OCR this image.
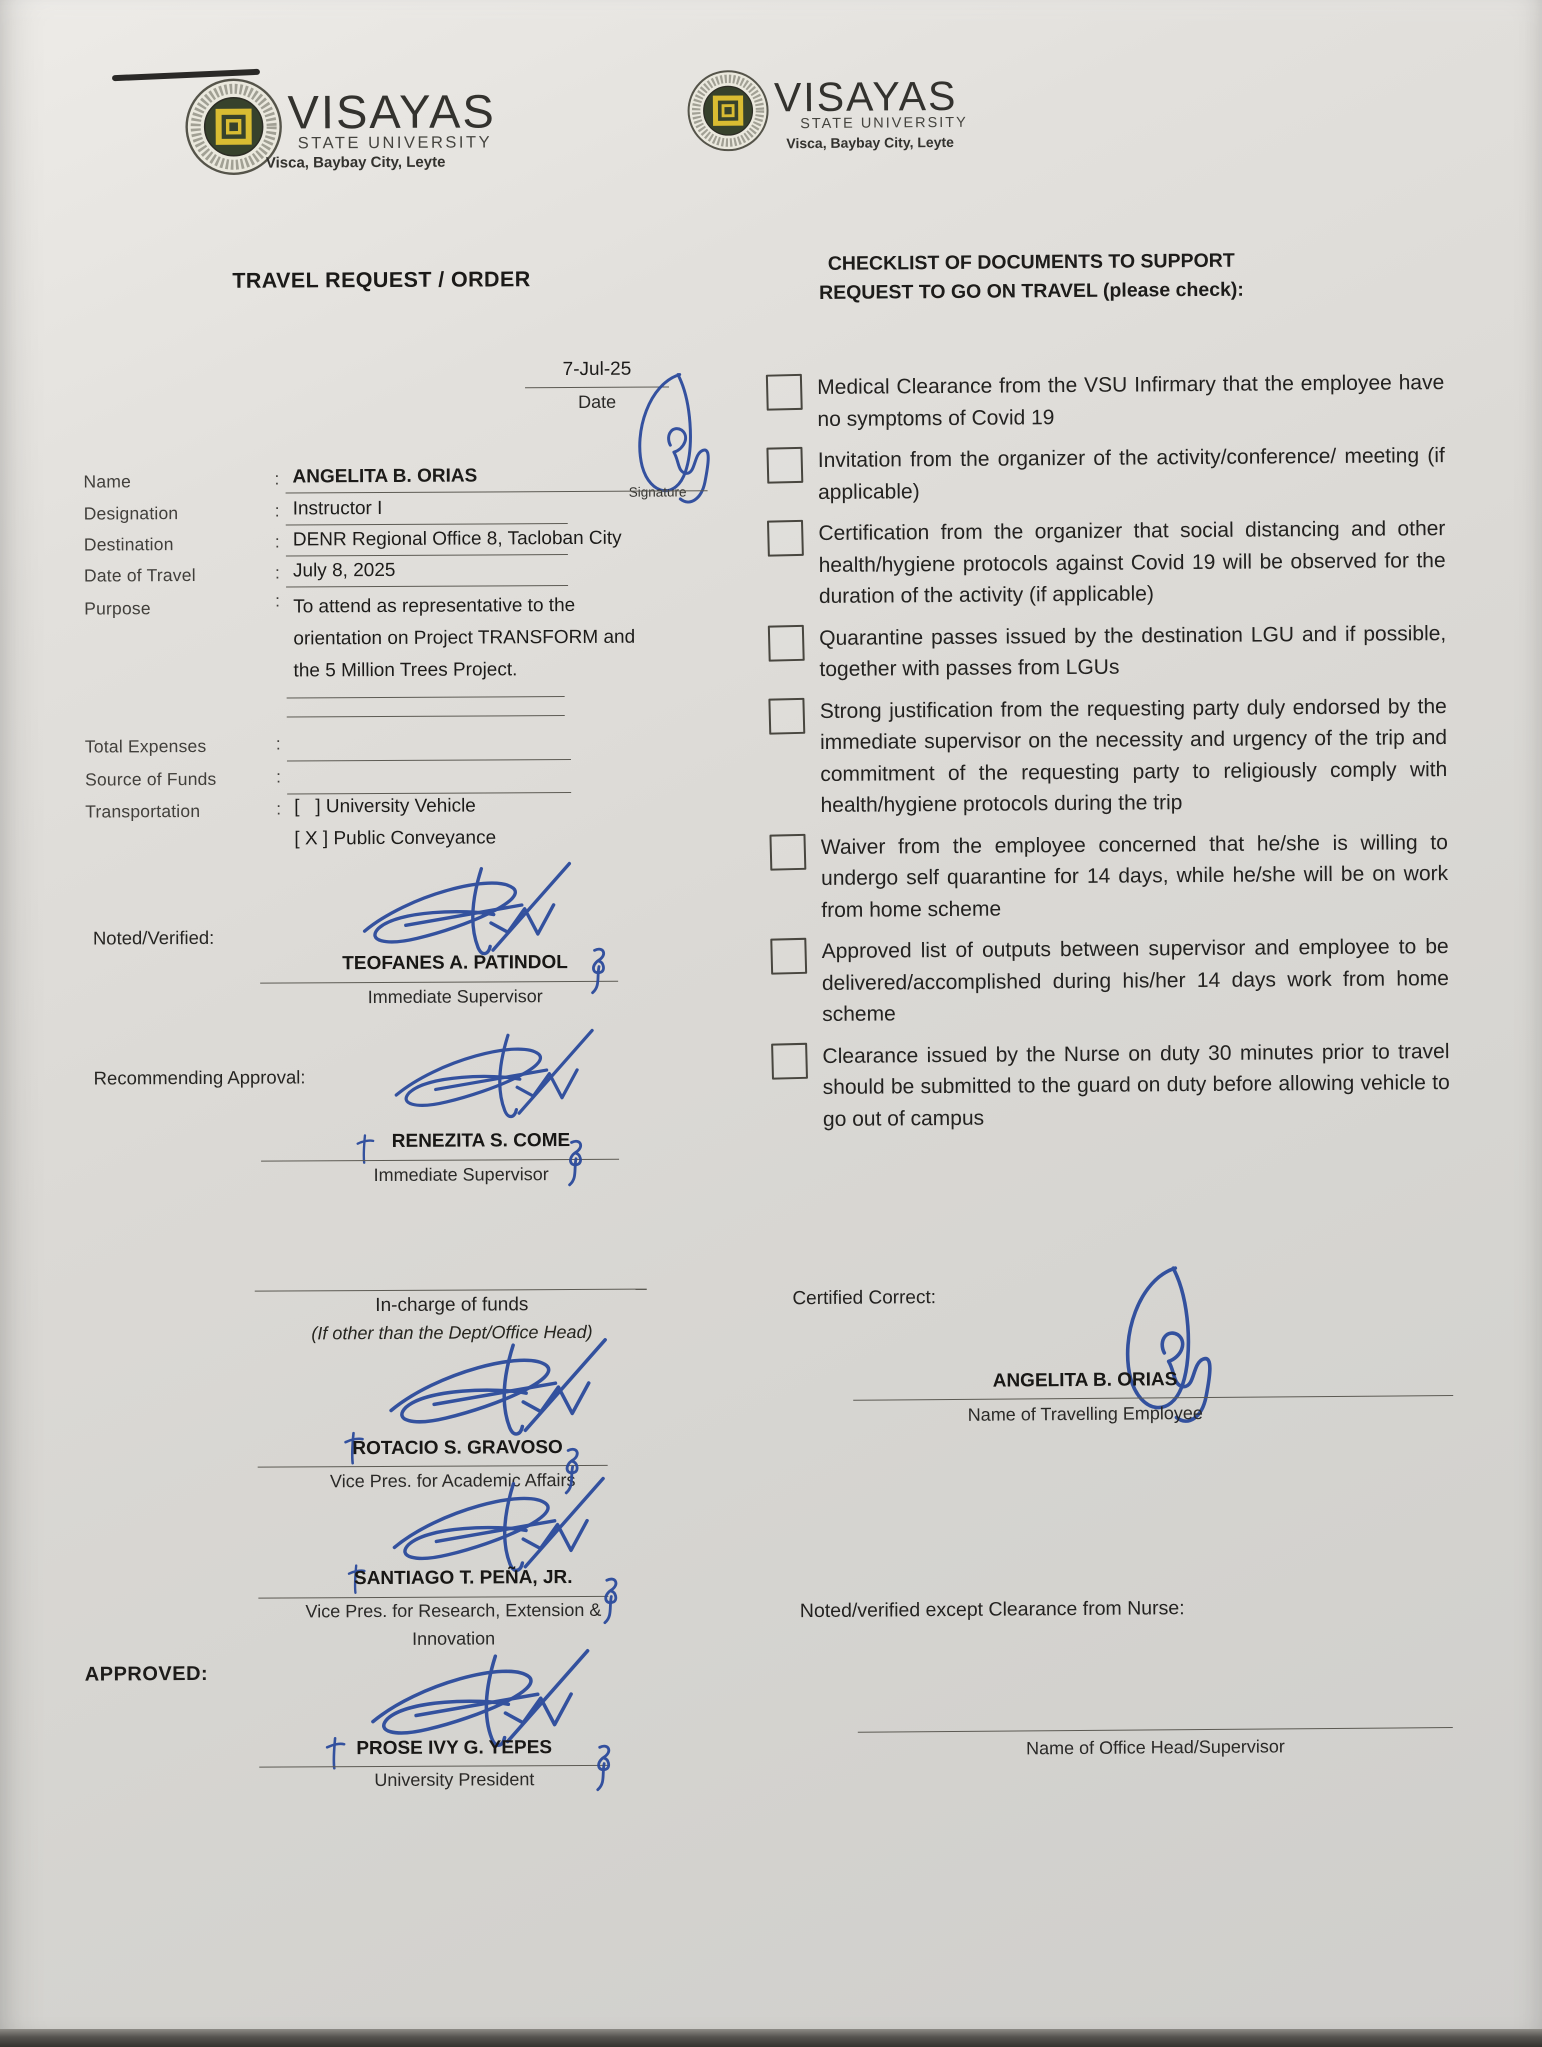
VISAYAS
STATE UNIVERSITY
Visca, Baybay City, Leyte
TRAVEL REQUEST / ORDER
7-Jul-25
Date
Signature
Name	: ANGELITA B. ORIAS
Designation	: Instructor I
Destination	: DENR Regional Office 8, Tacloban City
Date of Travel	: July 8, 2025
Purpose	: To attend as representative to the
orientation on Project TRANSFORM and
the 5 Million Trees Project.
Total Expenses	:
Source of Funds	:
Transportation	: [   ] University Vehicle
[ X ] Public Conveyance
Noted/Verified:
TEOFANES A. PATINDOL
Immediate Supervisor
Recommending Approval:
RENEZITA S. COME
Immediate Supervisor
In-charge of funds
(If other than the Dept/Office Head)
ROTACIO S. GRAVOSO
Vice Pres. for Academic Affairs
SANTIAGO T. PEÑA, JR.
Vice Pres. for Research, Extension &
Innovation
APPROVED:
PROSE IVY G. YEPES
University President
VISAYAS
STATE UNIVERSITY
Visca, Baybay City, Leyte
CHECKLIST OF DOCUMENTS TO SUPPORT
REQUEST TO GO ON TRAVEL (please check):
Medical Clearance from the VSU Infirmary that the employee have no symptoms of Covid 19
Invitation from the organizer of the activity/conference/ meeting (if applicable)
Certification from the organizer that social distancing and other health/hygiene protocols against Covid 19 will be observed for the duration of the activity (if applicable)
Quarantine passes issued by the destination LGU and if possible, together with passes from LGUs
Strong justification from the requesting party duly endorsed by the immediate supervisor on the necessity and urgency of the trip and commitment of the requesting party to religiously comply with health/hygiene protocols during the trip
Waiver from the employee concerned that he/she is willing to undergo self quarantine for 14 days, while he/she will be on work from home scheme
Approved list of outputs between supervisor and employee to be delivered/accomplished during his/her 14 days work from home scheme
Clearance issued by the Nurse on duty 30 minutes prior to travel should be submitted to the guard on duty before allowing vehicle to go out of campus
Certified Correct:
ANGELITA B. ORIAS
Name of Travelling Employee
Noted/verified except Clearance from Nurse:
Name of Office Head/Supervisor
